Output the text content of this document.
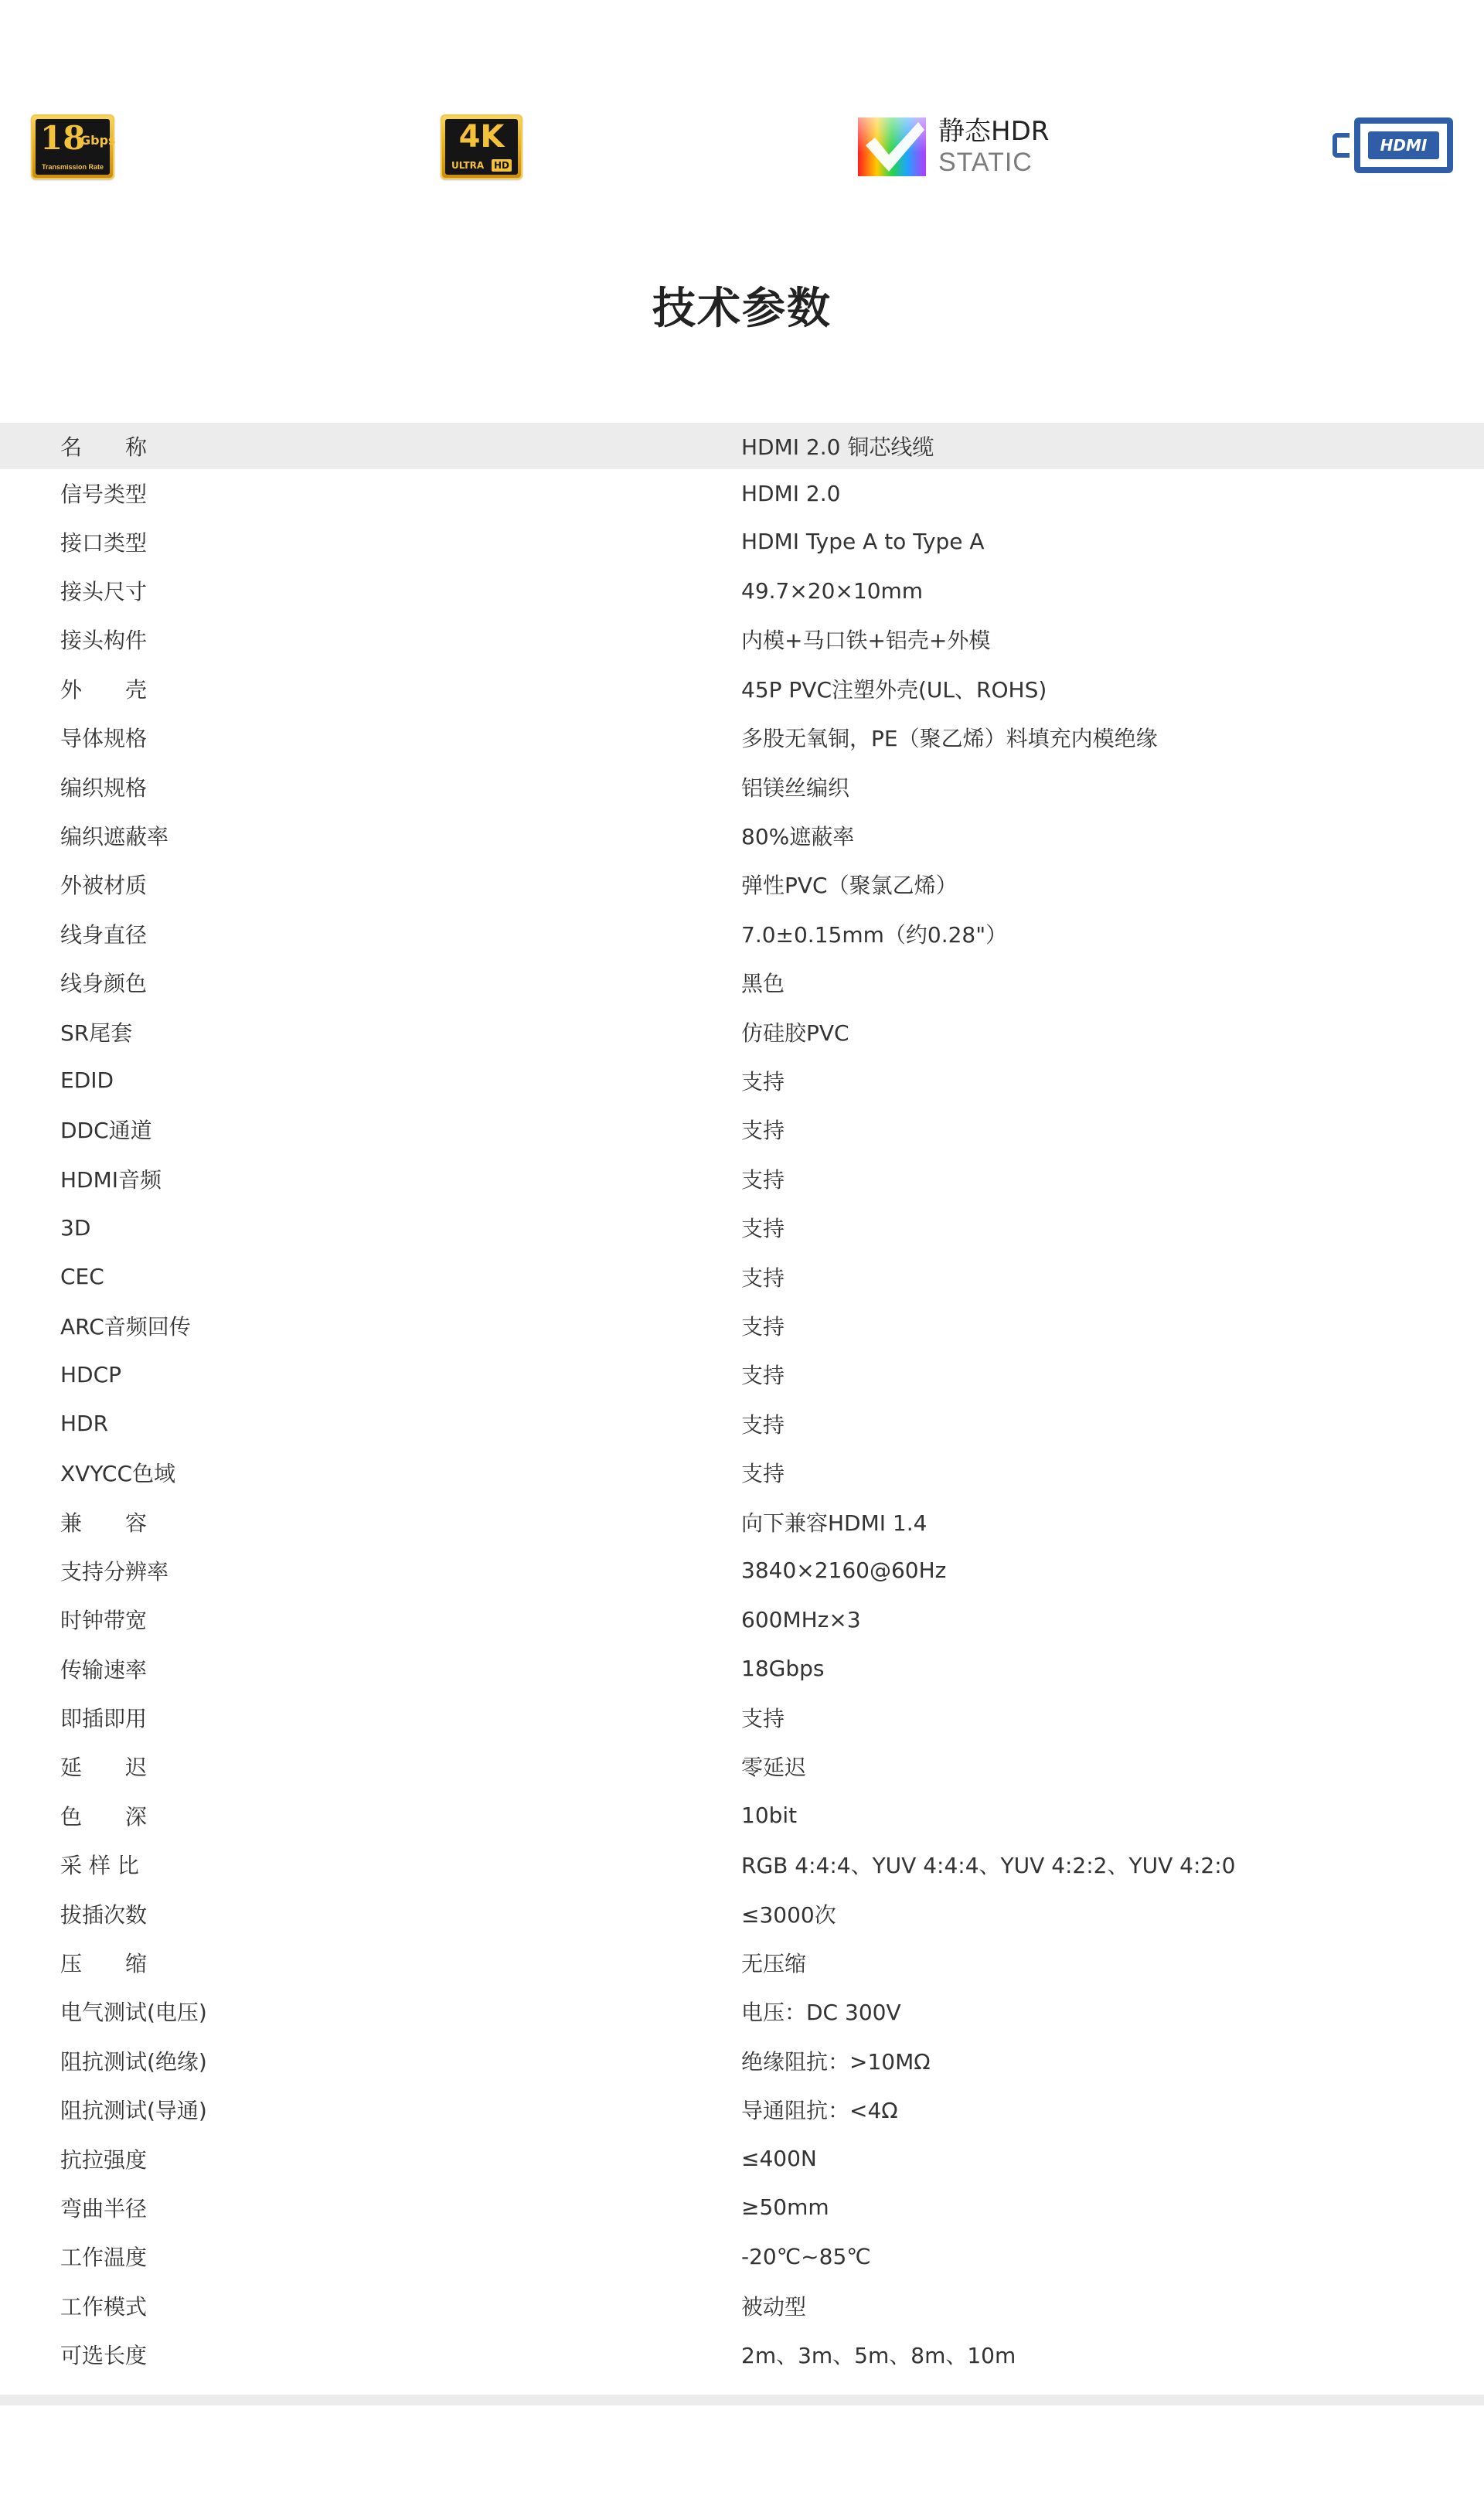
18
Gbps
Transmission Rate
4K
ULTRA HD
静态HDR
STATIC
HDMI
技术参数
名　　称	HDMI 2.0 铜芯线缆
信号类型	HDMI 2.0
接口类型	HDMI Type A to Type A
接头尺寸	49.7×20×10mm
接头构件	内模+马口铁+铝壳+外模
外　　壳	45P PVC注塑外壳(UL、ROHS)
导体规格	多股无氧铜，PE（聚乙烯）料填充内模绝缘
编织规格	铝镁丝编织
编织遮蔽率	80%遮蔽率
外被材质	弹性PVC（聚氯乙烯）
线身直径	7.0±0.15mm（约0.28"）
线身颜色	黑色
SR尾套	仿硅胶PVC
EDID	支持
DDC通道	支持
HDMI音频	支持
3D	支持
CEC	支持
ARC音频回传	支持
HDCP	支持
HDR	支持
XVYCC色域	支持
兼　　容	向下兼容HDMI 1.4
支持分辨率	3840×2160@60Hz
时钟带宽	600MHz×3
传输速率	18Gbps
即插即用	支持
延　　迟	零延迟
色　　深	10bit
采 样 比	RGB 4:4:4、YUV 4:4:4、YUV 4:2:2、YUV 4:2:0
拔插次数	≤3000次
压　　缩	无压缩
电气测试(电压)	电压：DC 300V
阻抗测试(绝缘)	绝缘阻抗：>10MΩ
阻抗测试(导通)	导通阻抗：<4Ω
抗拉强度	≤400N
弯曲半径	≥50mm
工作温度	-20℃~85℃
工作模式	被动型
可选长度	2m、3m、5m、8m、10m
